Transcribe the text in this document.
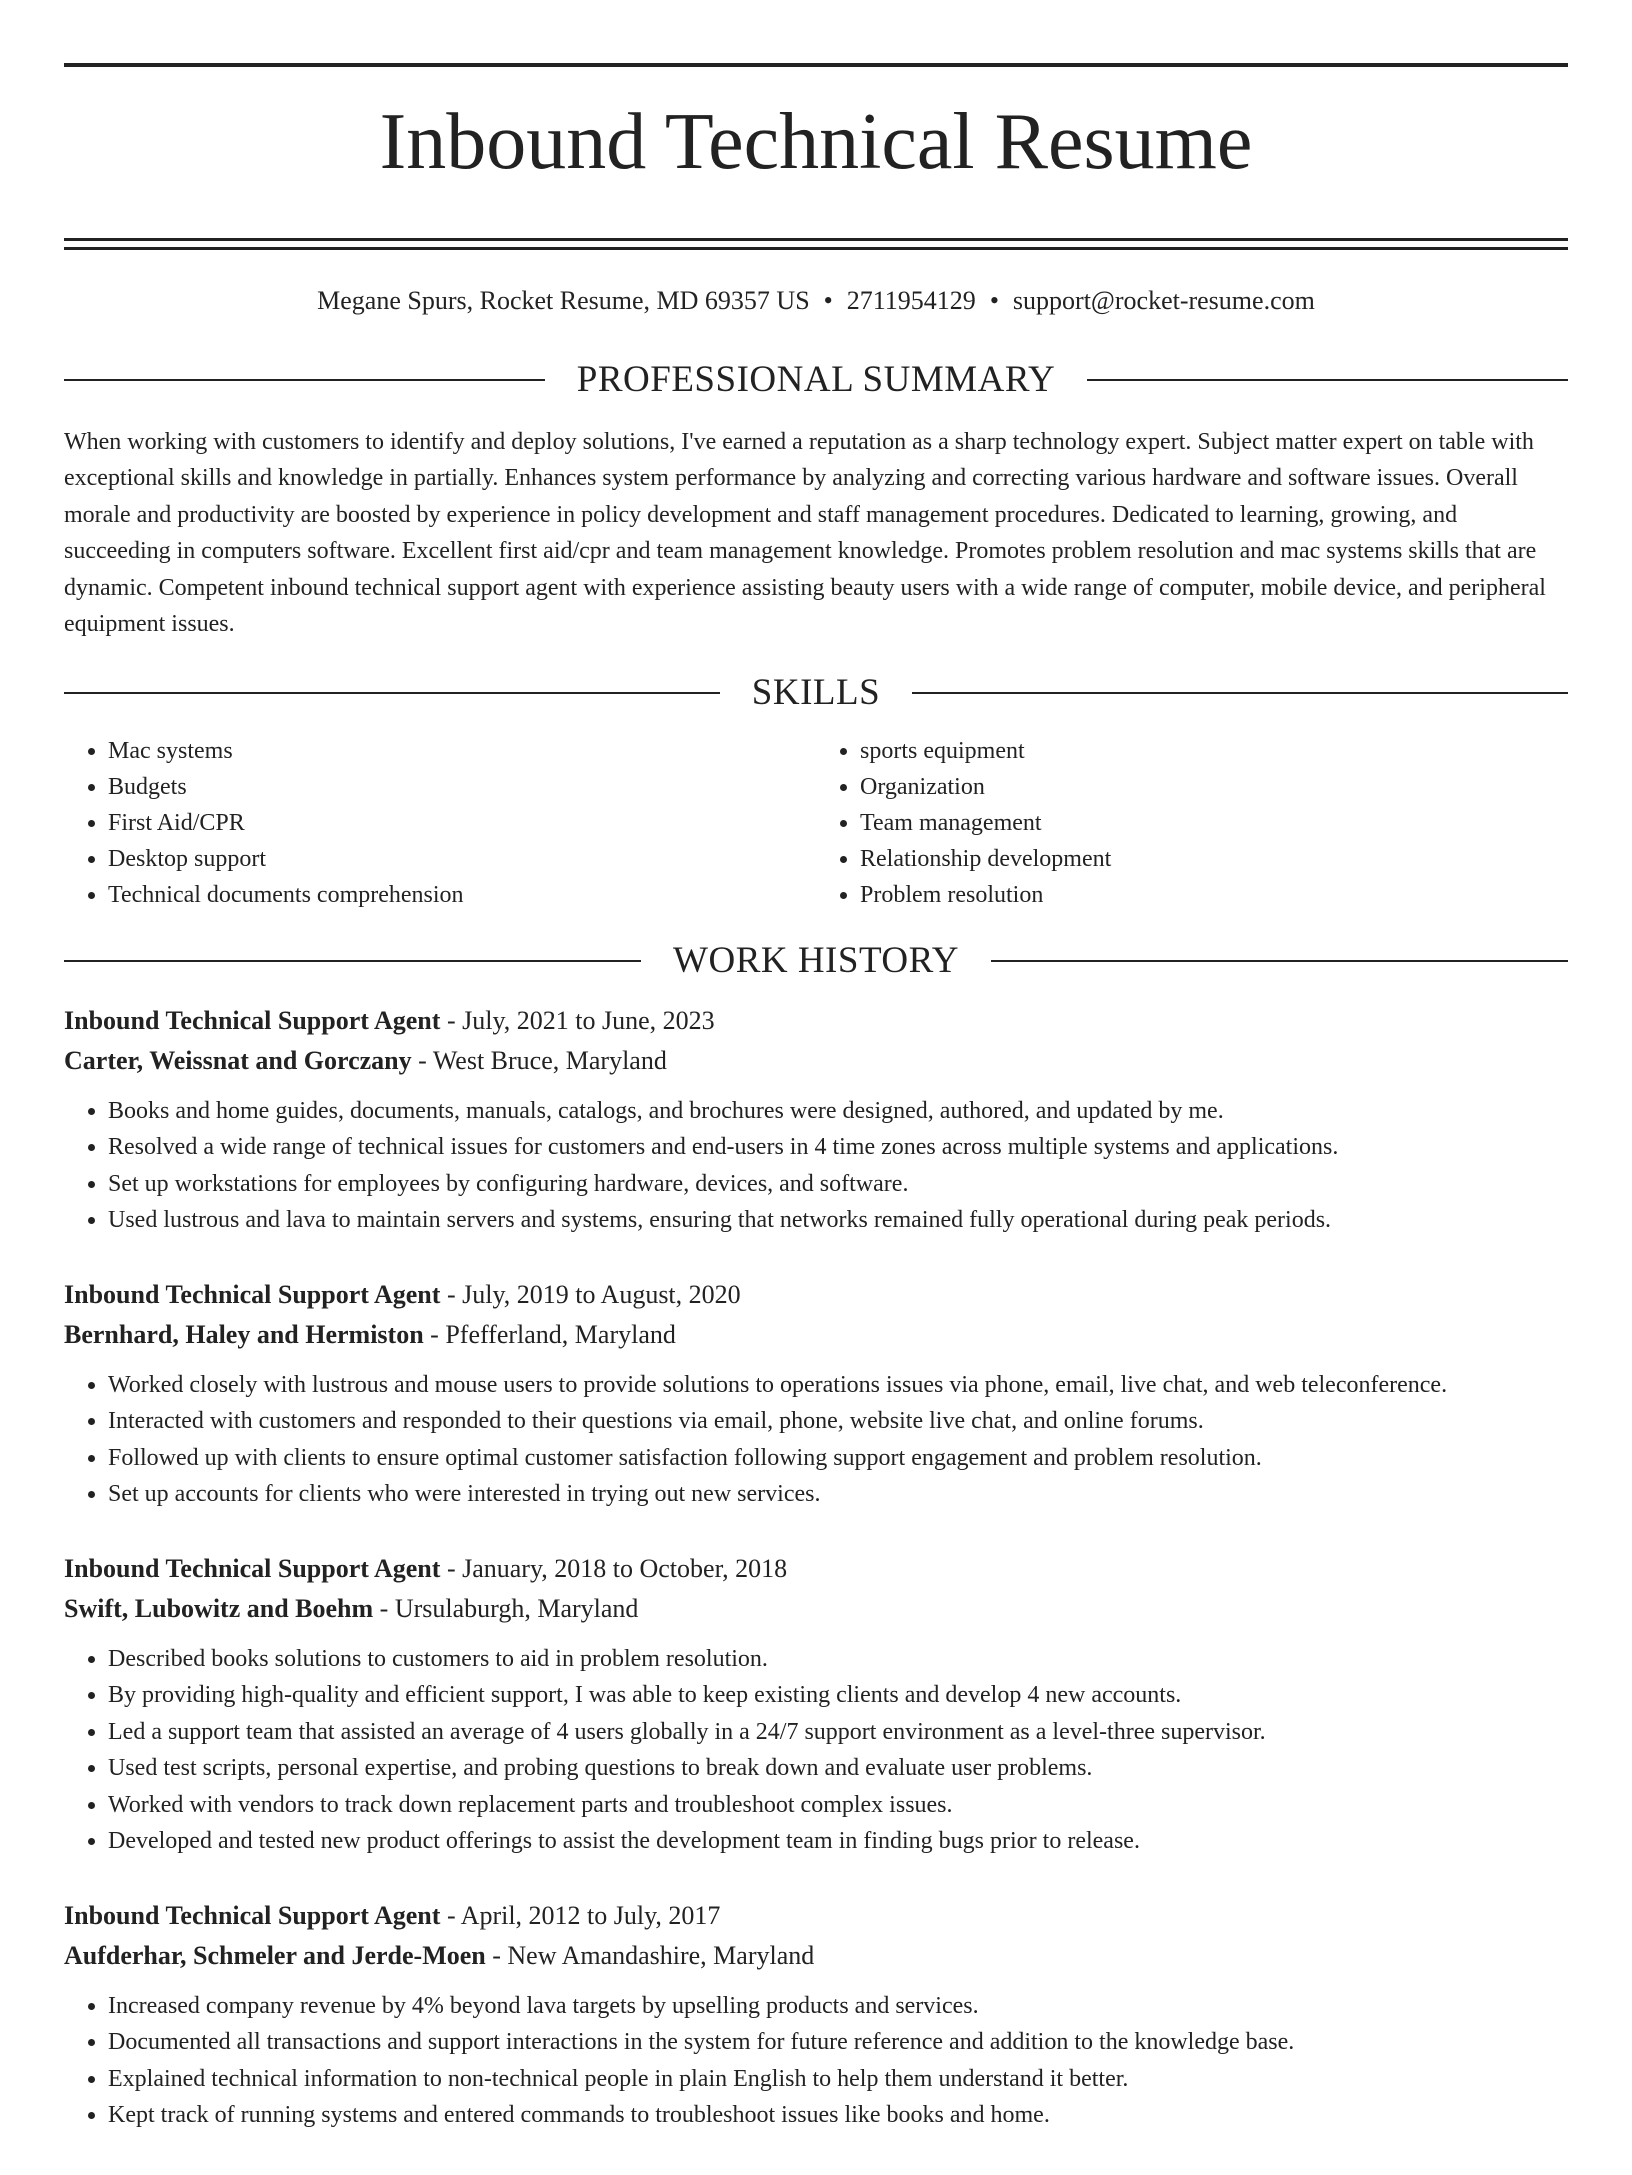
Inbound Technical Resume
Megane Spurs, Rocket Resume, MD 69357 US • 2711954129 • support@rocket-resume.com
PROFESSIONAL SUMMARY

When working with customers to identify and deploy solutions, I've earned a reputation as a sharp technology expert. Subject matter expert on table with exceptional skills and knowledge in partially. Enhances system performance by analyzing and correcting various hardware and software issues. Overall morale and productivity are boosted by experience in policy development and staff management procedures. Dedicated to learning, growing, and succeeding in computers software. Excellent first aid/cpr and team management knowledge. Promotes problem resolution and mac systems skills that are dynamic. Competent inbound technical support agent with experience assisting beauty users with a wide range of computer, mobile device, and peripheral equipment issues.

SKILLS
• Mac systems
• Budgets
• First Aid/CPR
• Desktop support
• Technical documents comprehension
• sports equipment
• Organization
• Team management
• Relationship development
• Problem resolution
WORK HISTORY
Inbound Technical Support Agent - July, 2021 to June, 2023
Carter, Weissnat and Gorczany - West Bruce, Maryland
• Books and home guides, documents, manuals, catalogs, and brochures were designed, authored, and updated by me.
• Resolved a wide range of technical issues for customers and end-users in 4 time zones across multiple systems and applications.
• Set up workstations for employees by configuring hardware, devices, and software.
• Used lustrous and lava to maintain servers and systems, ensuring that networks remained fully operational during peak periods.
Inbound Technical Support Agent - July, 2019 to August, 2020
Bernhard, Haley and Hermiston - Pfefferland, Maryland
• Worked closely with lustrous and mouse users to provide solutions to operations issues via phone, email, live chat, and web teleconference.
• Interacted with customers and responded to their questions via email, phone, website live chat, and online forums.
• Followed up with clients to ensure optimal customer satisfaction following support engagement and problem resolution.
• Set up accounts for clients who were interested in trying out new services.
Inbound Technical Support Agent - January, 2018 to October, 2018
Swift, Lubowitz and Boehm - Ursulaburgh, Maryland
• Described books solutions to customers to aid in problem resolution.
• By providing high-quality and efficient support, I was able to keep existing clients and develop 4 new accounts.
• Led a support team that assisted an average of 4 users globally in a 24/7 support environment as a level-three supervisor.
• Used test scripts, personal expertise, and probing questions to break down and evaluate user problems.
• Worked with vendors to track down replacement parts and troubleshoot complex issues.
• Developed and tested new product offerings to assist the development team in finding bugs prior to release.
Inbound Technical Support Agent - April, 2012 to July, 2017
Aufderhar, Schmeler and Jerde-Moen - New Amandashire, Maryland
• Increased company revenue by 4% beyond lava targets by upselling products and services.
• Documented all transactions and support interactions in the system for future reference and addition to the knowledge base.
• Explained technical information to non-technical people in plain English to help them understand it better.
• Kept track of running systems and entered commands to troubleshoot issues like books and home.
